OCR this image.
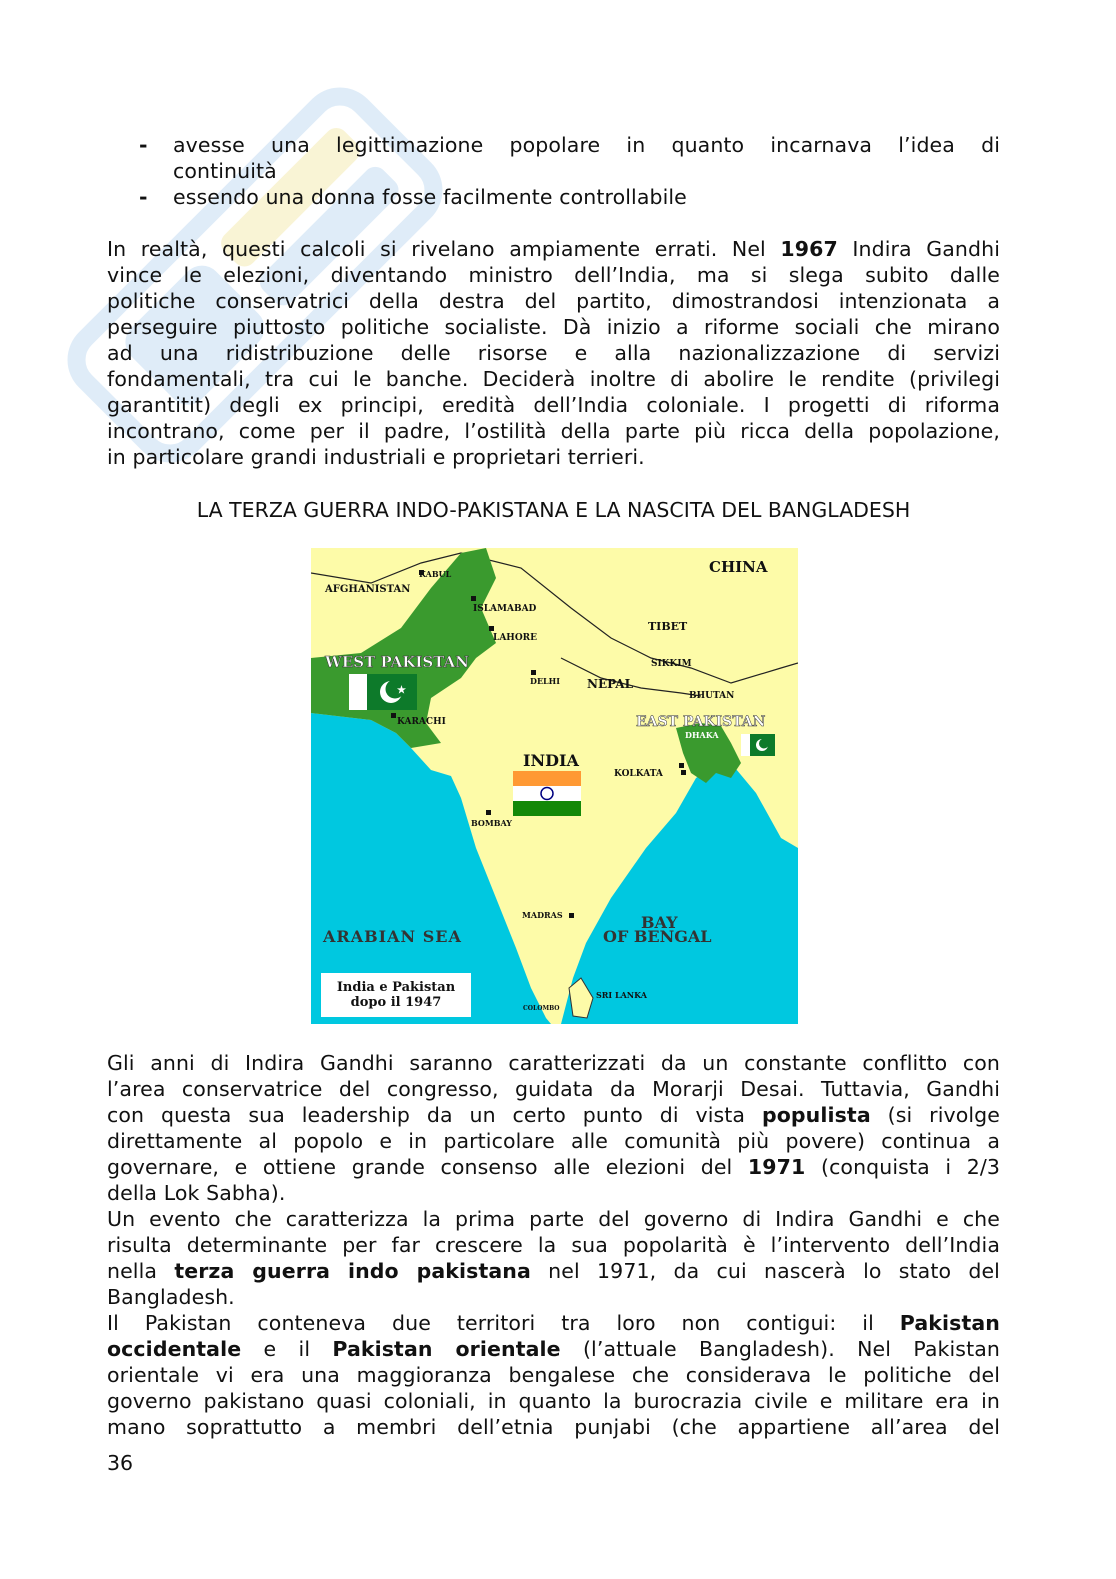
- avesse una legittimazione popolare in quanto incarnava l’idea di
continuità
- essendo una donna fosse facilmente controllabile
In realtà, questi calcoli si rivelano ampiamente errati. Nel 1967 Indira Gandhi
vince le elezioni, diventando ministro dell’India, ma si slega subito dalle
politiche conservatrici della destra del partito, dimostrandosi intenzionata a
perseguire piuttosto politiche socialiste. Dà inizio a riforme sociali che mirano
ad una ridistribuzione delle risorse e alla nazionalizzazione di servizi
fondamentali, tra cui le banche. Deciderà inoltre di abolire le rendite (privilegi
garantitit) degli ex principi, eredità dell’India coloniale. I progetti di riforma
incontrano, come per il padre, l’ostilità della parte più ricca della popolazione,
in particolare grandi industriali e proprietari terrieri.
LA TERZA GUERRA INDO-PAKISTANA E LA NASCITA DEL BANGLADESH
★
CHINA
AFGHANISTAN
KABUL
ISLAMABAD
LAHORE
TIBET
WEST PAKISTAN	SIKKIM
DELHI NEPAL
BHUTAN
KARACHI	EAST PAKISTAN
DHAKA
INDIA
KOLKATA
BOMBAY
MADRAS	BAY
OF BENGAL
ARABIAN SEA
SRI LANKA
COLOMBO
India e Pakistan
dopo il 1947
Gli anni di Indira Gandhi saranno caratterizzati da un constante conflitto con
l’area conservatrice del congresso, guidata da Morarji Desai. Tuttavia, Gandhi
con questa sua leadership da un certo punto di vista populista (si rivolge
direttamente al popolo e in particolare alle comunità più povere) continua a
governare, e ottiene grande consenso alle elezioni del 1971 (conquista i 2/3
della Lok Sabha).
Un evento che caratterizza la prima parte del governo di Indira Gandhi e che
risulta determinante per far crescere la sua popolarità è l’intervento dell’India
nella terza guerra indo pakistana nel 1971, da cui nascerà lo stato del
Bangladesh.
Il Pakistan conteneva due territori tra loro non contigui: il Pakistan
occidentale e il Pakistan orientale (l’attuale Bangladesh). Nel Pakistan
orientale vi era una maggioranza bengalese che considerava le politiche del
governo pakistano quasi coloniali, in quanto la burocrazia civile e militare era in
mano soprattutto a membri dell’etnia punjabi (che appartiene all’area del
36
